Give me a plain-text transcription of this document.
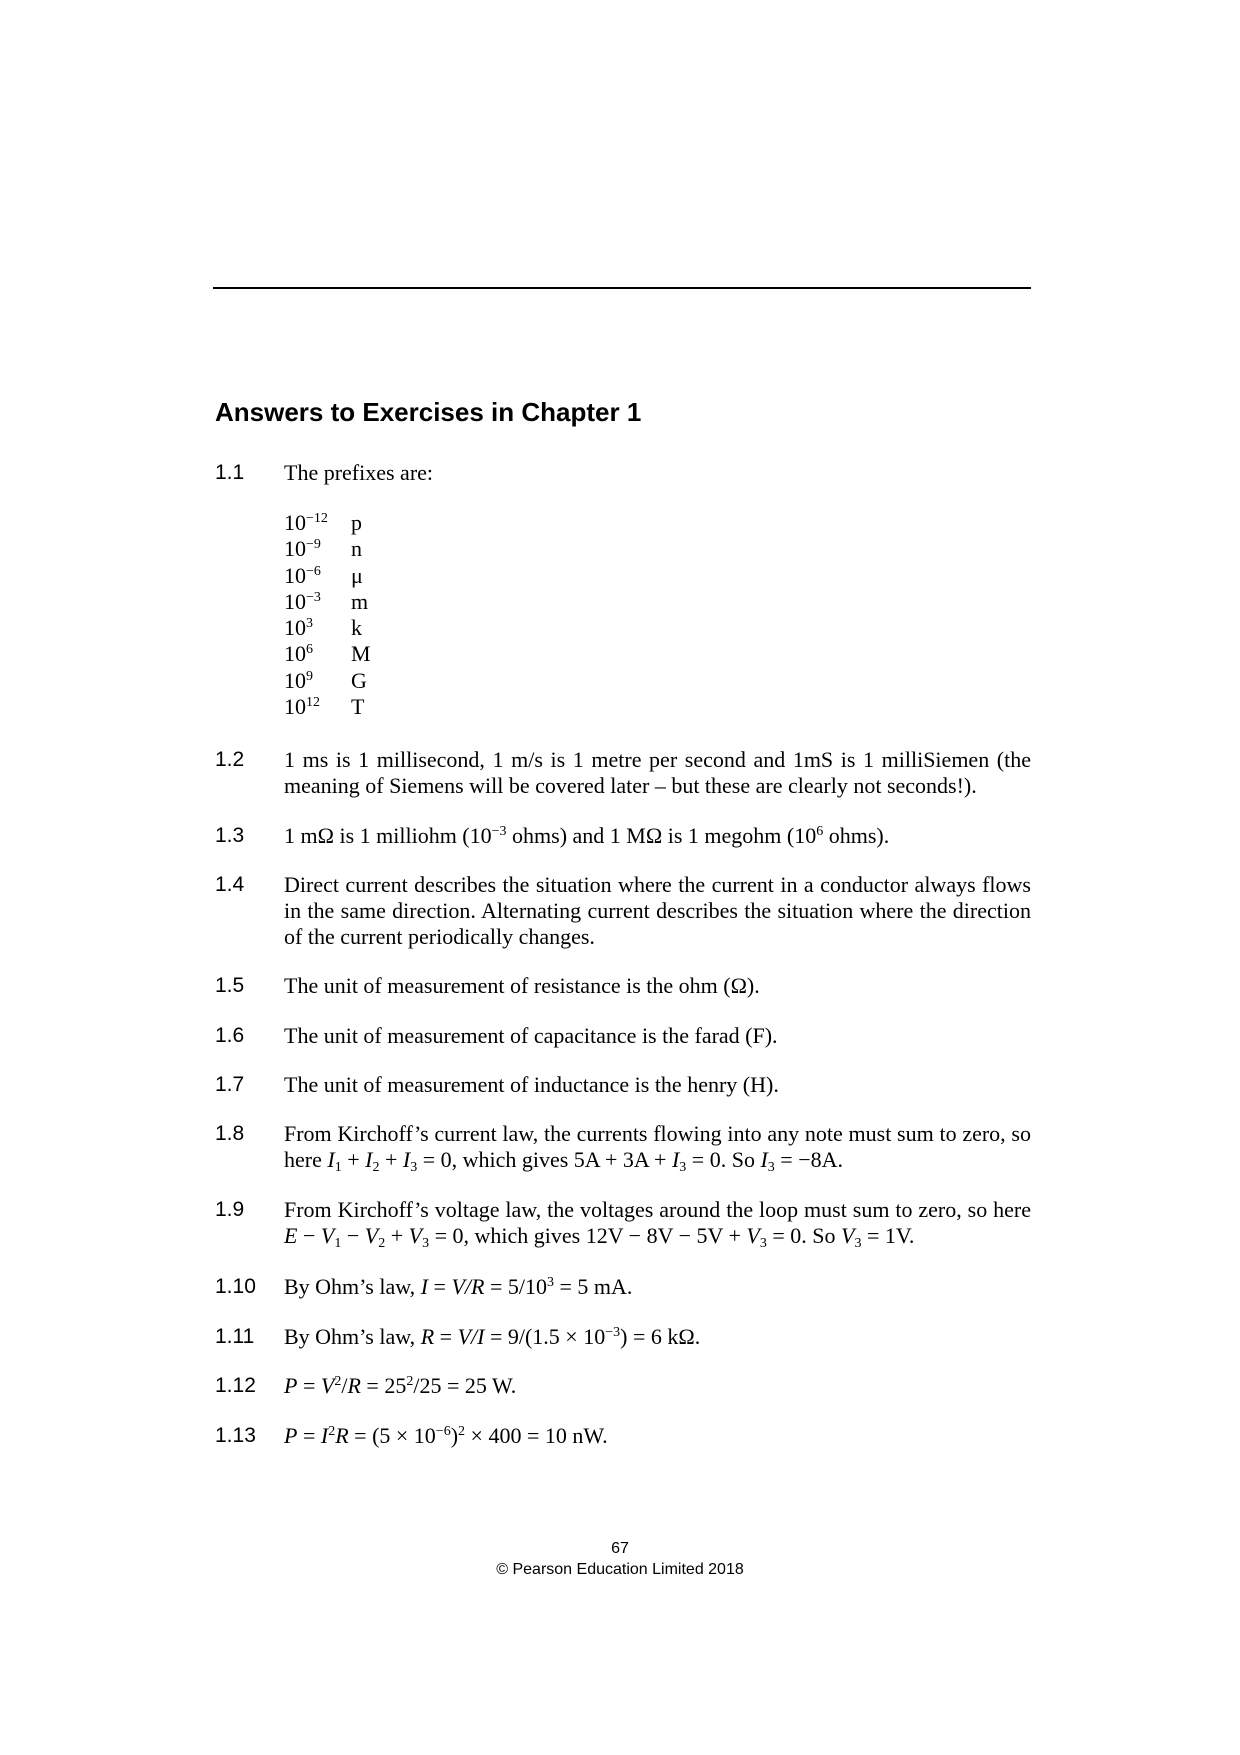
Answers to Exercises in Chapter 1
1.1 The prefixes are:
$10^{-12}$	p
$10^{-9}$	n
$10^{-6}$	μ
$10^{-3}$	m
$10^3$	k
$10^6$	M
$10^9$	G
$10^{12}$	T
1.2 1 ms is 1 millisecond, 1 m/s is 1 metre per second and 1mS is 1 milliSiemen (the meaning of Siemens will be covered later – but these are clearly not seconds!).
1.3 1 mΩ is 1 milliohm ($10^{-3}$ ohms) and 1 MΩ is 1 megohm ($10^6$ ohms).
1.4 Direct current describes the situation where the current in a conductor always flows in the same direction. Alternating current describes the situation where the direction of the current periodically changes.
1.5 The unit of measurement of resistance is the ohm (Ω).
1.6 The unit of measurement of capacitance is the farad (F).
1.7 The unit of measurement of inductance is the henry (H).
1.8 From Kirchoff’s current law, the currents flowing into any note must sum to zero, so here $I_1 + I_2 + I_3 = 0$, which gives $5A + 3A + I_3 = 0$. So $I_3 = -8A$.
1.9 From Kirchoff’s voltage law, the voltages around the loop must sum to zero, so here $E - V_1 - V_2 + V_3 = 0$, which gives $12V - 8V - 5V + V_3 = 0$. So $V_3 = 1V$.
1.10 By Ohm’s law, $I = V/R = 5/10^3 = 5$ mA.
1.11 By Ohm’s law, $R = V/I = 9/(1.5 \times 10^{-3}) = 6$ kΩ.
1.12 $P = V^2/R = 25^2/25 = 25$ W.
1.13 $P = I^2R = (5 \times 10^{-6})^2 \times 400 = 10$ nW.
67
© Pearson Education Limited 2018
